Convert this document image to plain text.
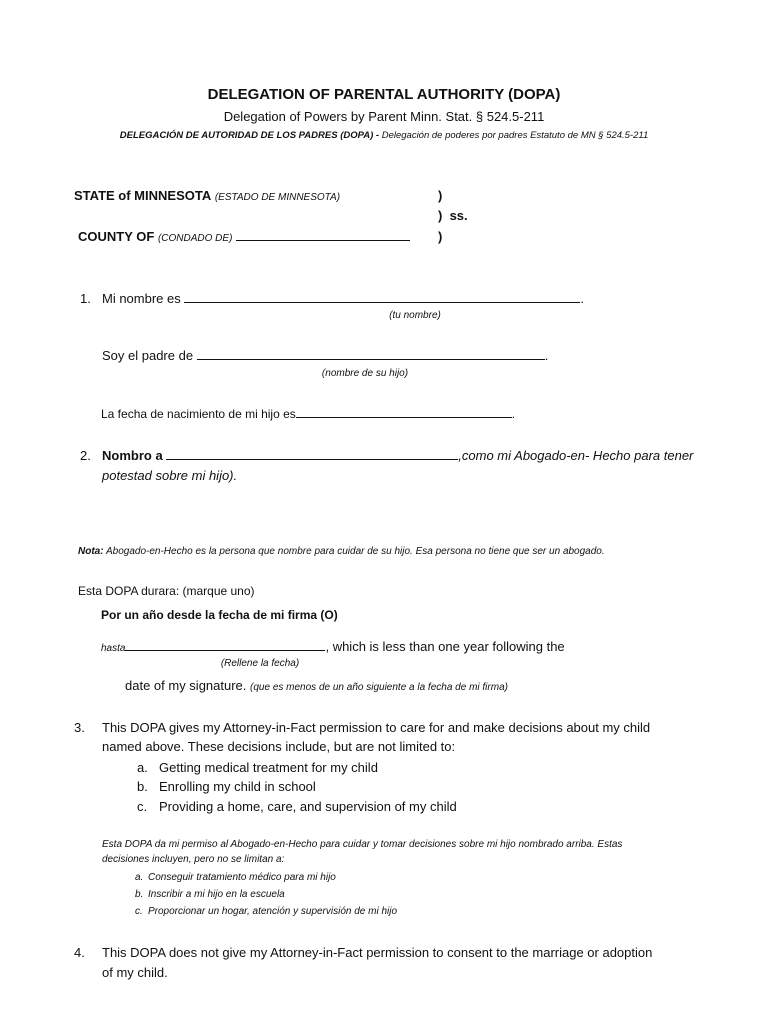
DELEGATION OF PARENTAL AUTHORITY (DOPA)
Delegation of Powers by Parent Minn. Stat. § 524.5-211
DELEGACIÓN DE AUTORIDAD DE LOS PADRES (DOPA) - Delegación de poderes por padres Estatuto de MN § 524.5-211
STATE of MINNESOTA (ESTADO DE MINNESOTA)	)
) ss.
COUNTY OF (CONDADO DE)	)
1. Mi nombre es	.
(tu nombre)
Soy el padre de	.
(nombre de su hijo)
La fecha de nacimiento de mi hijo es	.
2. Nombro a	,como mi Abogado-en- Hecho para tener
potestad sobre mi hijo).
Nota: Abogado-en-Hecho es la persona que nombre para cuidar de su hijo. Esa persona no tiene que ser un abogado.
Esta DOPA durara: (marque uno)
Por un año desde la fecha de mi firma (O)
hasta	, which is less than one year following the
(Rellene la fecha)
date of my signature. (que es menos de un año siguiente a la fecha de mi firma)
3. This DOPA gives my Attorney-in-Fact permission to care for and make decisions about my child
named above. These decisions include, but are not limited to:
a. Getting medical treatment for my child
b. Enrolling my child in school
c. Providing a home, care, and supervision of my child
Esta DOPA da mi permiso al Abogado-en-Hecho para cuidar y tomar decisiones sobre mi hijo nombrado arriba. Estas
decisiones incluyen, pero no se limitan a:
a. Conseguir tratamiento médico para mi hijo
b. Inscribir a mi hijo en la escuela
c. Proporcionar un hogar, atención y supervisión de mi hijo
4. This DOPA does not give my Attorney-in-Fact permission to consent to the marriage or adoption
of my child.
